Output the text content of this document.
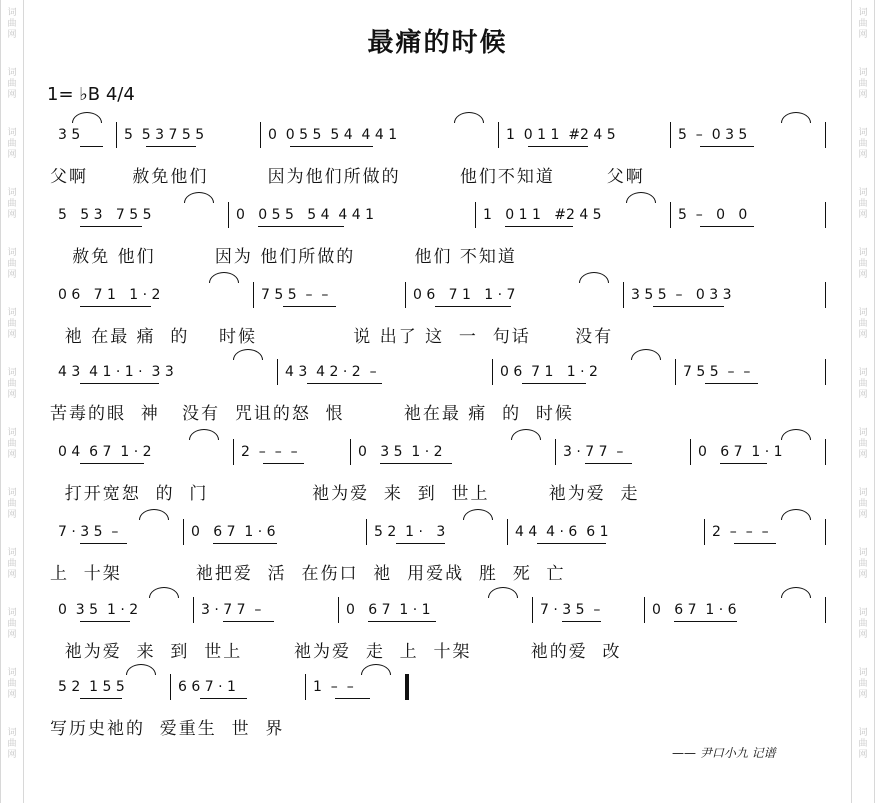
词
曲
网
词
曲
网
词
曲
网
词
曲
网
词
曲
网
词
曲
网
词
曲
网
词
曲
网
词
曲
网
词
曲
网
词
曲
网
词
曲
网
词
曲
网
词
曲
网
词
曲
网
词
曲
网
词
曲
网
词
曲
网
词
曲
网
词
曲
网
词
曲
网
词
曲
网
词
曲
网
词
曲
网
词
曲
网
词
曲
网
最痛的时候
1= ♭B 4/4
3 5	5  5 3 7 5 5	0  0 5 5  5 4  4 4 1	1  0 1 1  #2 4 5	5  –  0 3 5
父啊      赦免他们        因为他们所做的        他们不知道       父啊
5   5 3   7 5 5	0   0 5 5   5 4  4 4 1	1   0 1 1   #2 4 5	5  –   0   0
赦免 他们        因为 他们所做的        他们 不知道
0 6   7 1   1 · 2	7 5 5  –  –	0 6   7 1   1 · 7	3 5 5  –   0 3 3
祂 在最 痛  的    时候             说 出了 这  一  句话      没有
4 3  4 1 · 1 ·  3 3	4 3  4 2 · 2  –	0 6  7 1   1 · 2	7 5 5  –  –
苦毒的眼  神   没有  咒诅的怒  恨        祂在最 痛  的  时候
0 4  6 7  1 · 2	2  –  –  –	0   3 5  1 · 2	3 · 7 7  –	0   6 7  1 · 1
打开宽恕  的  门              祂为爱  来  到  世上        祂为爱  走
7 · 3 5  –	0   6 7  1 · 6	5 2  1 ·   3	4 4  4 · 6  6 1	2  –  –  –
上  十架          祂把爱  活  在伤口  祂  用爱战  胜  死  亡
0  3 5  1 · 2	3 · 7 7  –	0   6 7  1 · 1	7 · 3 5  –	0   6 7  1 · 6
祂为爱  来  到  世上       祂为爱  走  上  十架        祂的爱  改
5 2  1 5 5	6 6 7 · 1	1  –  –
写历史祂的  爱重生  世  界
—— 尹口小九 记谱
